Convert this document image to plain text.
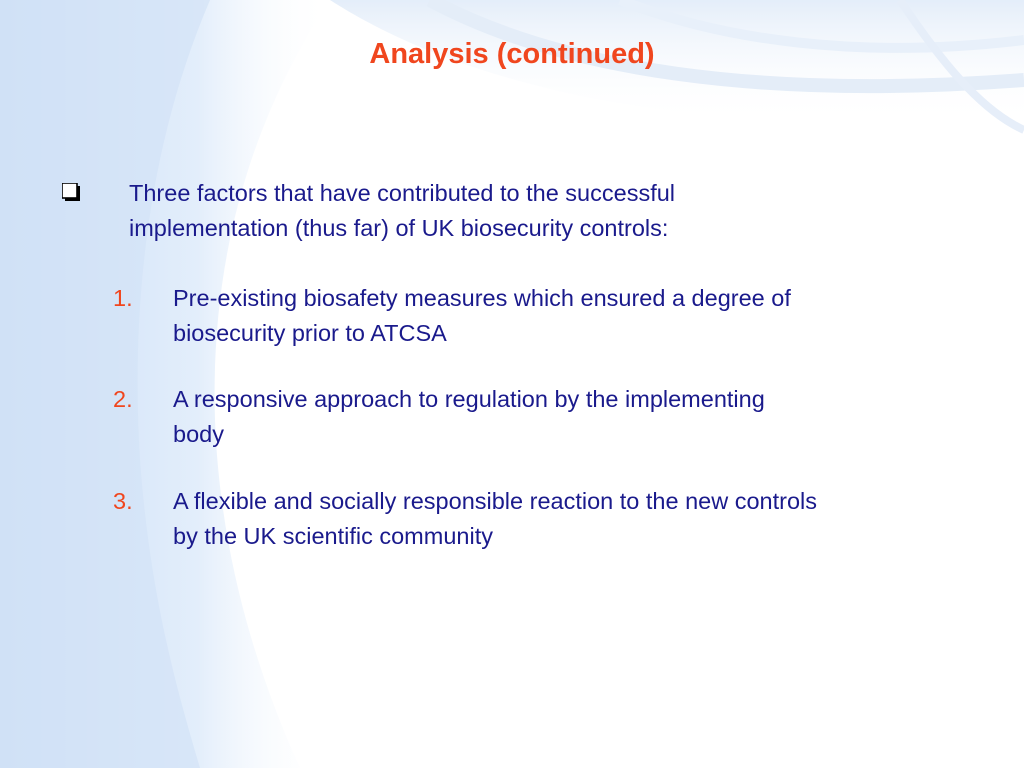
Analysis (continued)
Three factors that have contributed to the successful
implementation (thus far) of UK biosecurity controls:
1. Pre-existing biosafety measures which ensured a degree of
biosecurity prior to ATCSA
2. A responsive approach to regulation by the implementing
body
3. A flexible and socially responsible reaction to the new controls
by the UK scientific community
